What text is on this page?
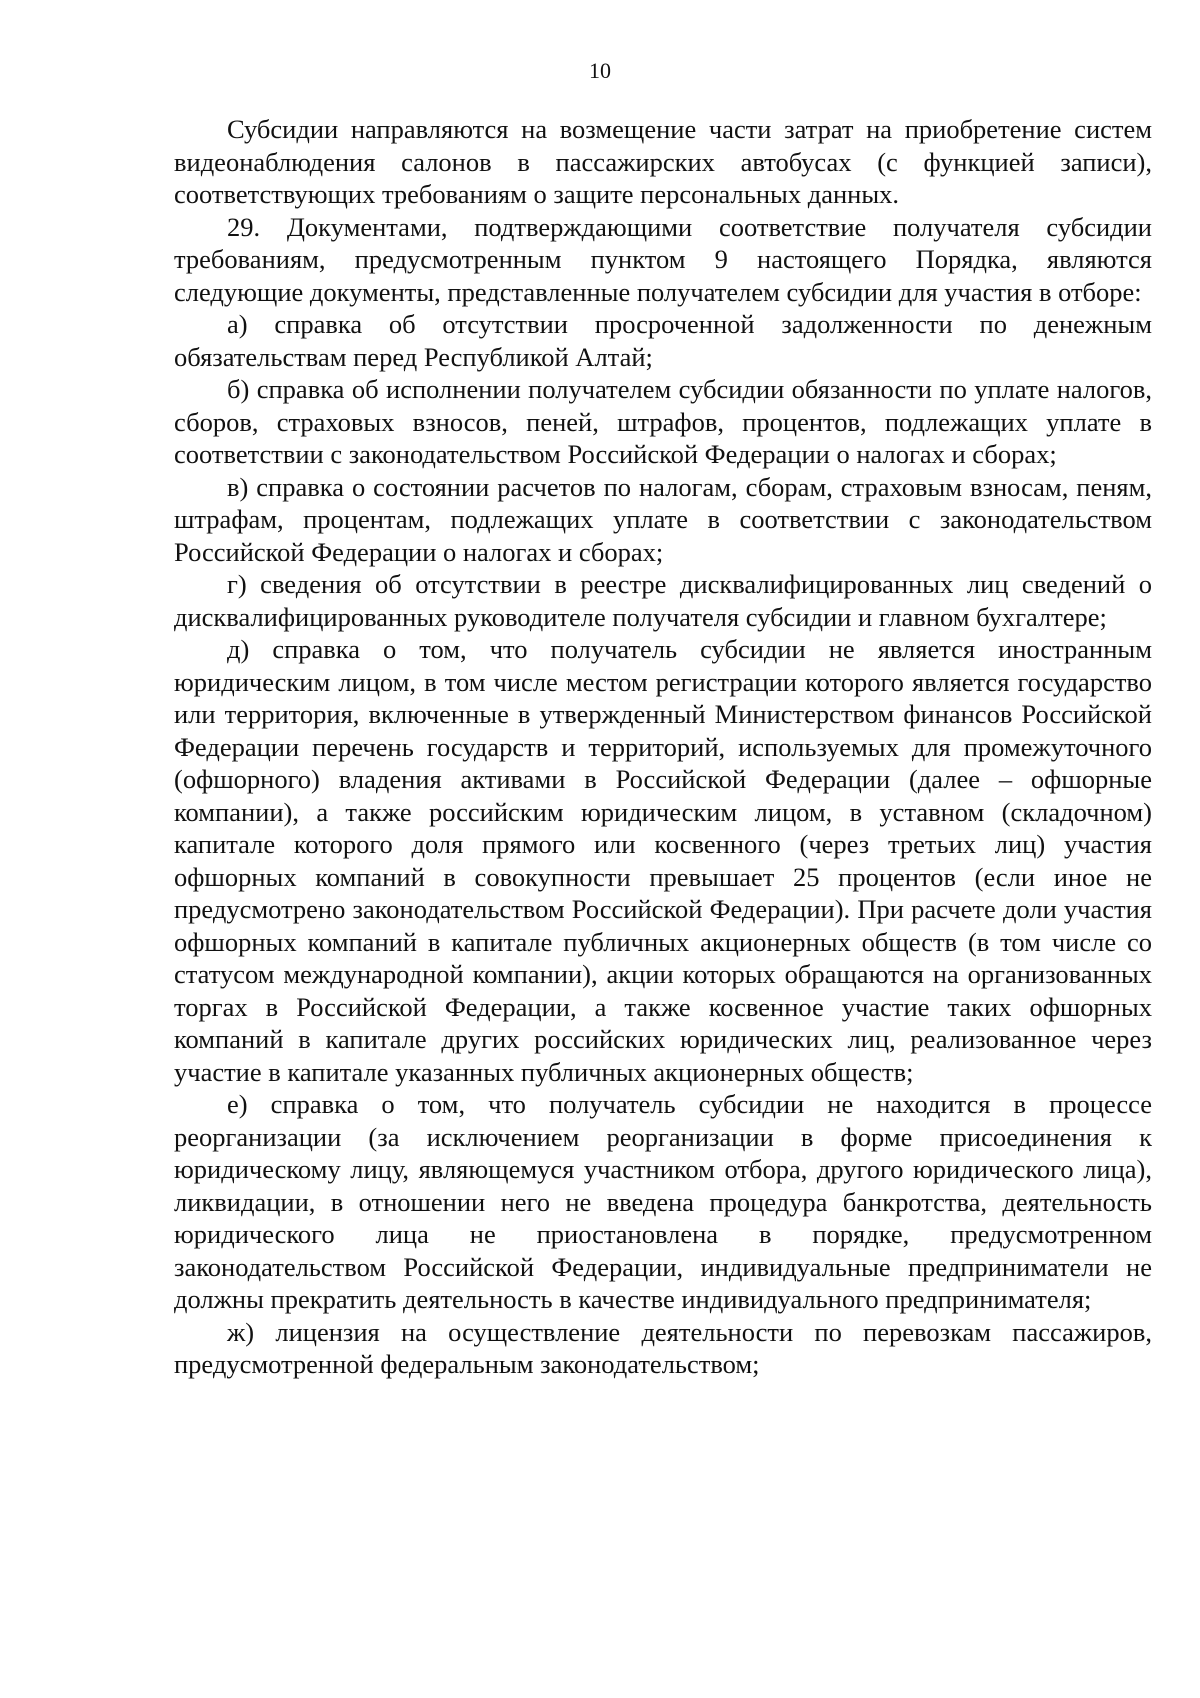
10

Субсидии направляются на возмещение части затрат на приобретение систем видеонаблюдения салонов в пассажирских автобусах (с функцией записи), соответствующих требованиям о защите персональных данных.

29. Документами, подтверждающими соответствие получателя субсидии требованиям, предусмотренным пунктом 9 настоящего Порядка, являются следующие документы, представленные получателем субсидии для участия в отборе:

а) справка об отсутствии просроченной задолженности по денежным обязательствам перед Республикой Алтай;

б) справка об исполнении получателем субсидии обязанности по уплате налогов, сборов, страховых взносов, пеней, штрафов, процентов, подлежащих уплате в соответствии с законодательством Российской Федерации о налогах и сборах;

в) справка о состоянии расчетов по налогам, сборам, страховым взносам, пеням, штрафам, процентам, подлежащих уплате в соответствии с законодательством Российской Федерации о налогах и сборах;

г) сведения об отсутствии в реестре дисквалифицированных лиц сведений о дисквалифицированных руководителе получателя субсидии и главном бухгалтере;

д) справка о том, что получатель субсидии не является иностранным юридическим лицом, в том числе местом регистрации которого является государство или территория, включенные в утвержденный Министерством финансов Российской Федерации перечень государств и территорий, используемых для промежуточного (офшорного) владения активами в Российской Федерации (далее – офшорные компании), а также российским юридическим лицом, в уставном (складочном) капитале которого доля прямого или косвенного (через третьих лиц) участия офшорных компаний в совокупности превышает 25 процентов (если иное не предусмотрено законодательством Российской Федерации). При расчете доли участия офшорных компаний в капитале публичных акционерных обществ (в том числе со статусом международной компании), акции которых обращаются на организованных торгах в Российской Федерации, а также косвенное участие таких офшорных компаний в капитале других российских юридических лиц, реализованное через участие в капитале указанных публичных акционерных обществ;

е) справка о том, что получатель субсидии не находится в процессе реорганизации (за исключением реорганизации в форме присоединения к юридическому лицу, являющемуся участником отбора, другого юридического лица), ликвидации, в отношении него не введена процедура банкротства, деятельность юридического лица не приостановлена в порядке, предусмотренном законодательством Российской Федерации, индивидуальные предприниматели не должны прекратить деятельность в качестве индивидуального предпринимателя;

ж) лицензия на осуществление деятельности по перевозкам пассажиров, предусмотренной федеральным законодательством;
